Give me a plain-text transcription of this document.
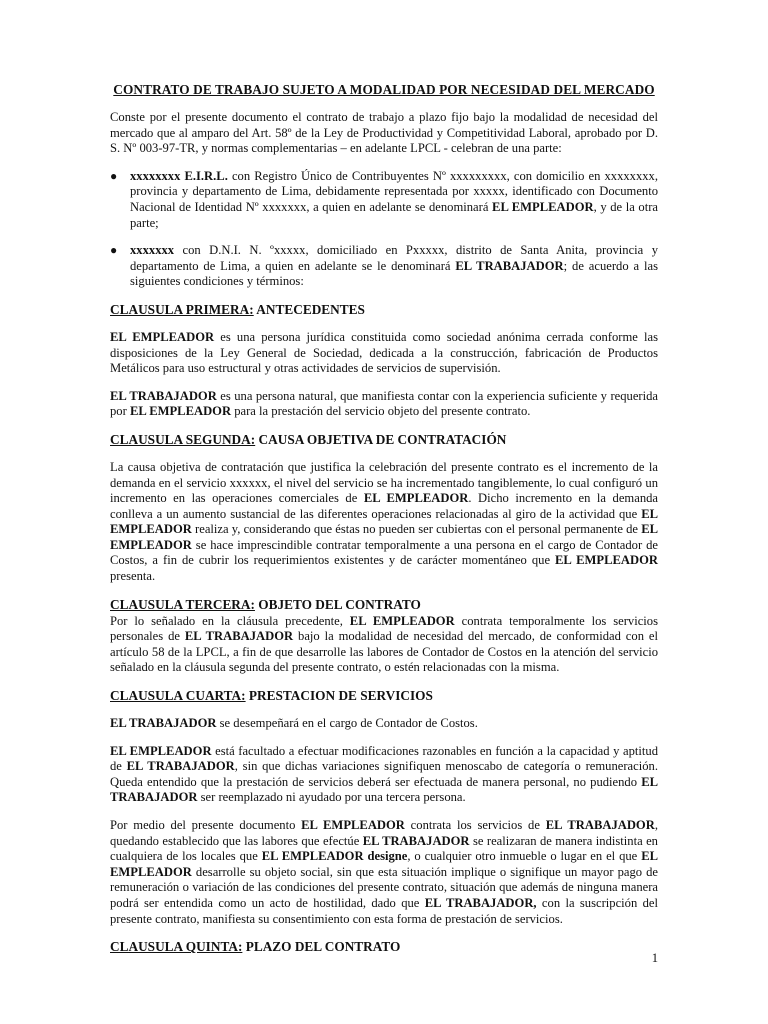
CONTRATO DE TRABAJO SUJETO A MODALIDAD POR NECESIDAD DEL MERCADO

Conste por el presente documento el contrato de trabajo a plazo fijo bajo la modalidad de necesidad del mercado que al amparo del Art. 58º de la Ley de Productividad y Competitividad Laboral, aprobado por D. S. Nº 003-97-TR, y normas complementarias – en adelante LPCL - celebran de una parte:

● xxxxxxxx E.I.R.L. con Registro Único de Contribuyentes Nº xxxxxxxxx, con domicilio en xxxxxxxx, provincia y departamento de Lima, debidamente representada por xxxxx, identificado con Documento Nacional de Identidad Nº xxxxxxx, a quien en adelante se denominará EL EMPLEADOR, y de la otra parte;

● xxxxxxx con D.N.I. N. ºxxxxx, domiciliado en Pxxxxx, distrito de Santa Anita, provincia y departamento de Lima, a quien en adelante se le denominará EL TRABAJADOR; de acuerdo a las siguientes condiciones y términos:

CLAUSULA PRIMERA: ANTECEDENTES

EL EMPLEADOR es una persona jurídica constituida como sociedad anónima cerrada conforme las disposiciones de la Ley General de Sociedad, dedicada a la construcción, fabricación de Productos Metálicos para uso estructural y otras actividades de servicios de supervisión.

EL TRABAJADOR es una persona natural, que manifiesta contar con la experiencia suficiente y requerida por EL EMPLEADOR para la prestación del servicio objeto del presente contrato.

CLAUSULA SEGUNDA: CAUSA OBJETIVA DE CONTRATACIÓN

La causa objetiva de contratación que justifica la celebración del presente contrato es el incremento de la demanda en el servicio xxxxxx, el nivel del servicio se ha incrementado tangiblemente, lo cual configuró un incremento en las operaciones comerciales de EL EMPLEADOR. Dicho incremento en la demanda conlleva a un aumento sustancial de las diferentes operaciones relacionadas al giro de la actividad que EL EMPLEADOR realiza y, considerando que éstas no pueden ser cubiertas con el personal permanente de EL EMPLEADOR se hace imprescindible contratar temporalmente a una persona en el cargo de Contador de Costos, a fin de cubrir los requerimientos existentes y de carácter momentáneo que EL EMPLEADOR presenta.

CLAUSULA TERCERA: OBJETO DEL CONTRATO

Por lo señalado en la cláusula precedente, EL EMPLEADOR contrata temporalmente los servicios personales de EL TRABAJADOR bajo la modalidad de necesidad del mercado, de conformidad con el artículo 58 de la LPCL, a fin de que desarrolle las labores de Contador de Costos en la atención del servicio señalado en la cláusula segunda del presente contrato, o estén relacionadas con la misma.

CLAUSULA CUARTA: PRESTACION DE SERVICIOS

EL TRABAJADOR se desempeñará en el cargo de Contador de Costos.

EL EMPLEADOR está facultado a efectuar modificaciones razonables en función a la capacidad y aptitud de EL TRABAJADOR, sin que dichas variaciones signifiquen menoscabo de categoría o remuneración. Queda entendido que la prestación de servicios deberá ser efectuada de manera personal, no pudiendo EL TRABAJADOR ser reemplazado ni ayudado por una tercera persona.

Por medio del presente documento EL EMPLEADOR contrata los servicios de EL TRABAJADOR, quedando establecido que las labores que efectúe EL TRABAJADOR se realizaran de manera indistinta en cualquiera de los locales que EL EMPLEADOR designe, o cualquier otro inmueble o lugar en el que EL EMPLEADOR desarrolle su objeto social, sin que esta situación implique o signifique un mayor pago de remuneración o variación de las condiciones del presente contrato, situación que además de ninguna manera podrá ser entendida como un acto de hostilidad, dado que EL TRABAJADOR, con la suscripción del presente contrato, manifiesta su consentimiento con esta forma de prestación de servicios.

CLAUSULA QUINTA: PLAZO DEL CONTRATO
1
